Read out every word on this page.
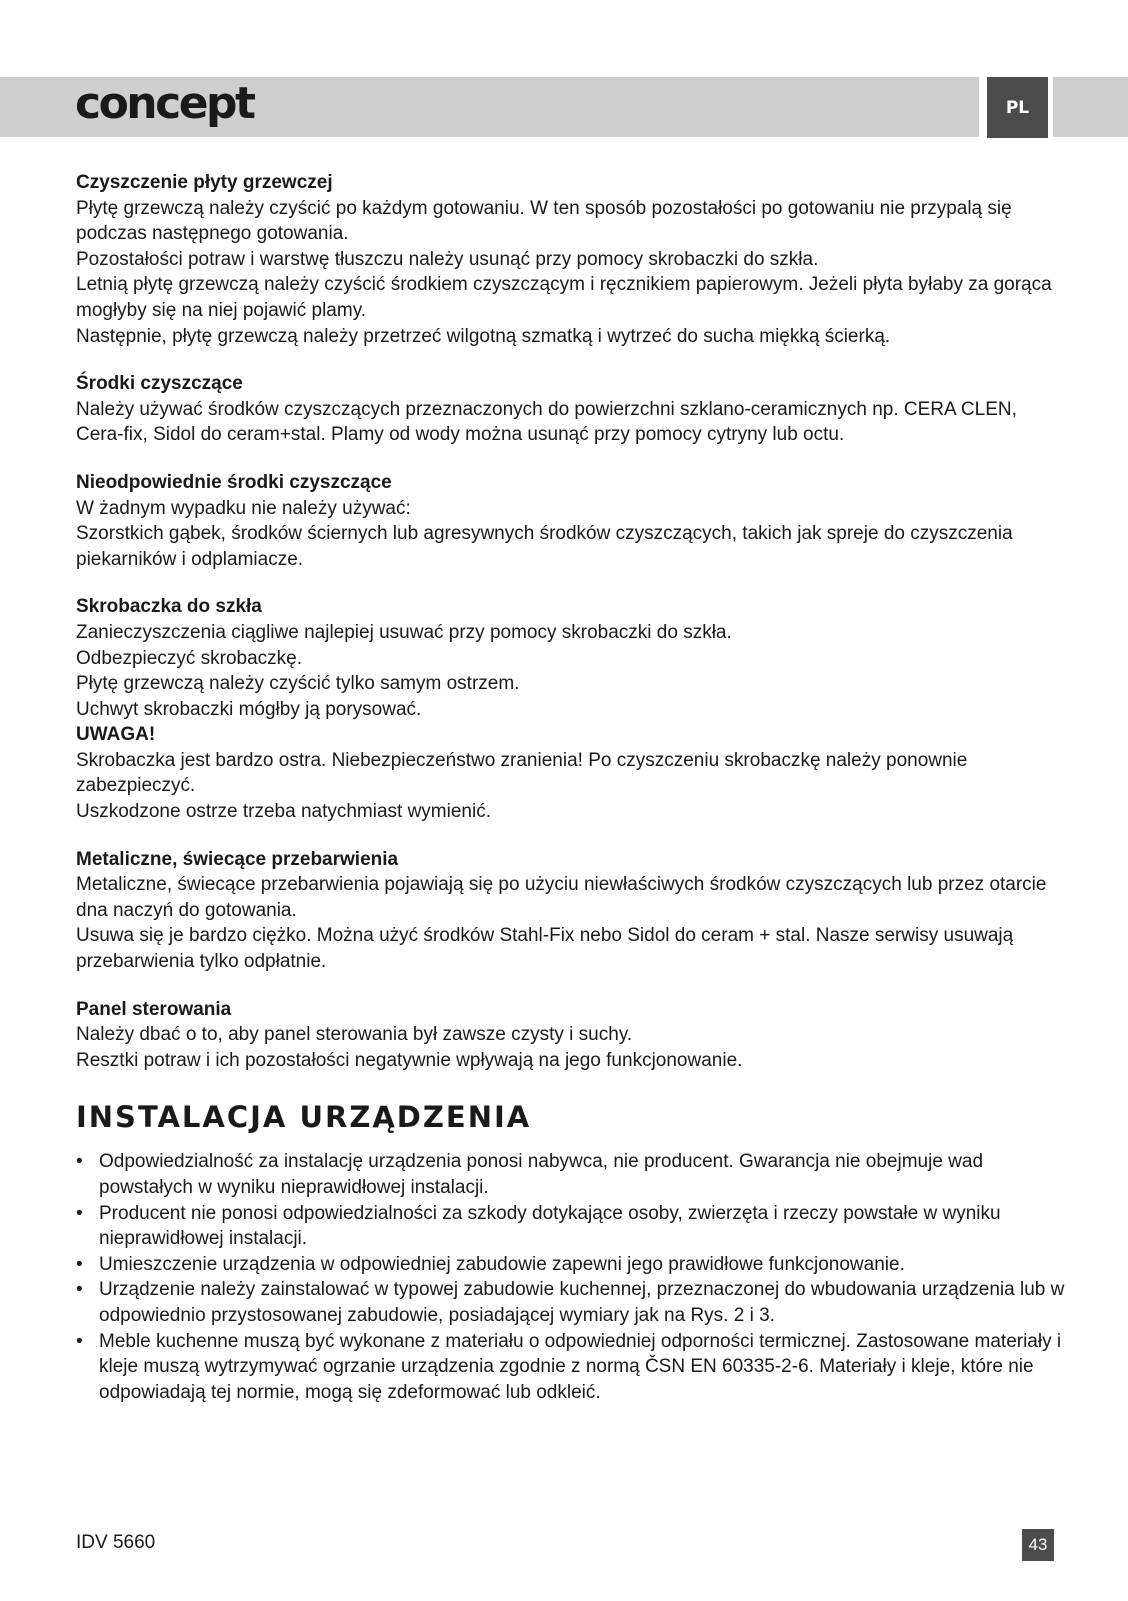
concept	PL
Czyszczenie płyty grzewczej

Płytę grzewczą należy czyścić po każdym gotowaniu. W ten sposób pozostałości po gotowaniu nie przypalą się podczas następnego gotowania.

Pozostałości potraw i warstwę tłuszczu należy usunąć przy pomocy skrobaczki do szkła.

Letnią płytę grzewczą należy czyścić środkiem czyszczącym i ręcznikiem papierowym. Jeżeli płyta byłaby za gorąca mogłyby się na niej pojawić plamy.

Następnie, płytę grzewczą należy przetrzeć wilgotną szmatką i wytrzeć do sucha miękką ścierką.

Środki czyszczące

Należy używać środków czyszczących przeznaczonych do powierzchni szklano-ceramicznych np. CERA CLEN, Cera-fix, Sidol do ceram+stal. Plamy od wody można usunąć przy pomocy cytryny lub octu.

Nieodpowiednie środki czyszczące

W żadnym wypadku nie należy używać:

Szorstkich gąbek, środków ściernych lub agresywnych środków czyszczących, takich jak spreje do czyszczenia piekarników i odplamiacze.

Skrobaczka do szkła

Zanieczyszczenia ciągliwe najlepiej usuwać przy pomocy skrobaczki do szkła.

Odbezpieczyć skrobaczkę.

Płytę grzewczą należy czyścić tylko samym ostrzem.

Uchwyt skrobaczki mógłby ją porysować.

UWAGA!

Skrobaczka jest bardzo ostra. Niebezpieczeństwo zranienia! Po czyszczeniu skrobaczkę należy ponownie zabezpieczyć.

Uszkodzone ostrze trzeba natychmiast wymienić.

Metaliczne, świecące przebarwienia

Metaliczne, świecące przebarwienia pojawiają się po użyciu niewłaściwych środków czyszczących lub przez otarcie dna naczyń do gotowania.

Usuwa się je bardzo ciężko. Można użyć środków Stahl-Fix nebo Sidol do ceram + stal. Nasze serwisy usuwają przebarwienia tylko odpłatnie.

Panel sterowania

Należy dbać o to, aby panel sterowania był zawsze czysty i suchy.

Resztki potraw i ich pozostałości negatywnie wpływają na jego funkcjonowanie.

INSTALACJA URZĄDZENIA
• Odpowiedzialność za instalację urządzenia ponosi nabywca, nie producent. Gwarancja nie obejmuje wad powstałych w wyniku nieprawidłowej instalacji.
• Producent nie ponosi odpowiedzialności za szkody dotykające osoby, zwierzęta i rzeczy powstałe w wyniku nieprawidłowej instalacji.
• Umieszczenie urządzenia w odpowiedniej zabudowie zapewni jego prawidłowe funkcjonowanie.
• Urządzenie należy zainstalować w typowej zabudowie kuchennej, przeznaczonej do wbudowania urządzenia lub w odpowiednio przystosowanej zabudowie, posiadającej wymiary jak na Rys. 2 i 3.
• Meble kuchenne muszą być wykonane z materiału o odpowiedniej odporności termicznej. Zastosowane materiały i kleje muszą wytrzymywać ogrzanie urządzenia zgodnie z normą ČSN EN 60335-2-6. Materiały i kleje, które nie odpowiadają tej normie, mogą się zdeformować lub odkleić.
IDV 5660	43
